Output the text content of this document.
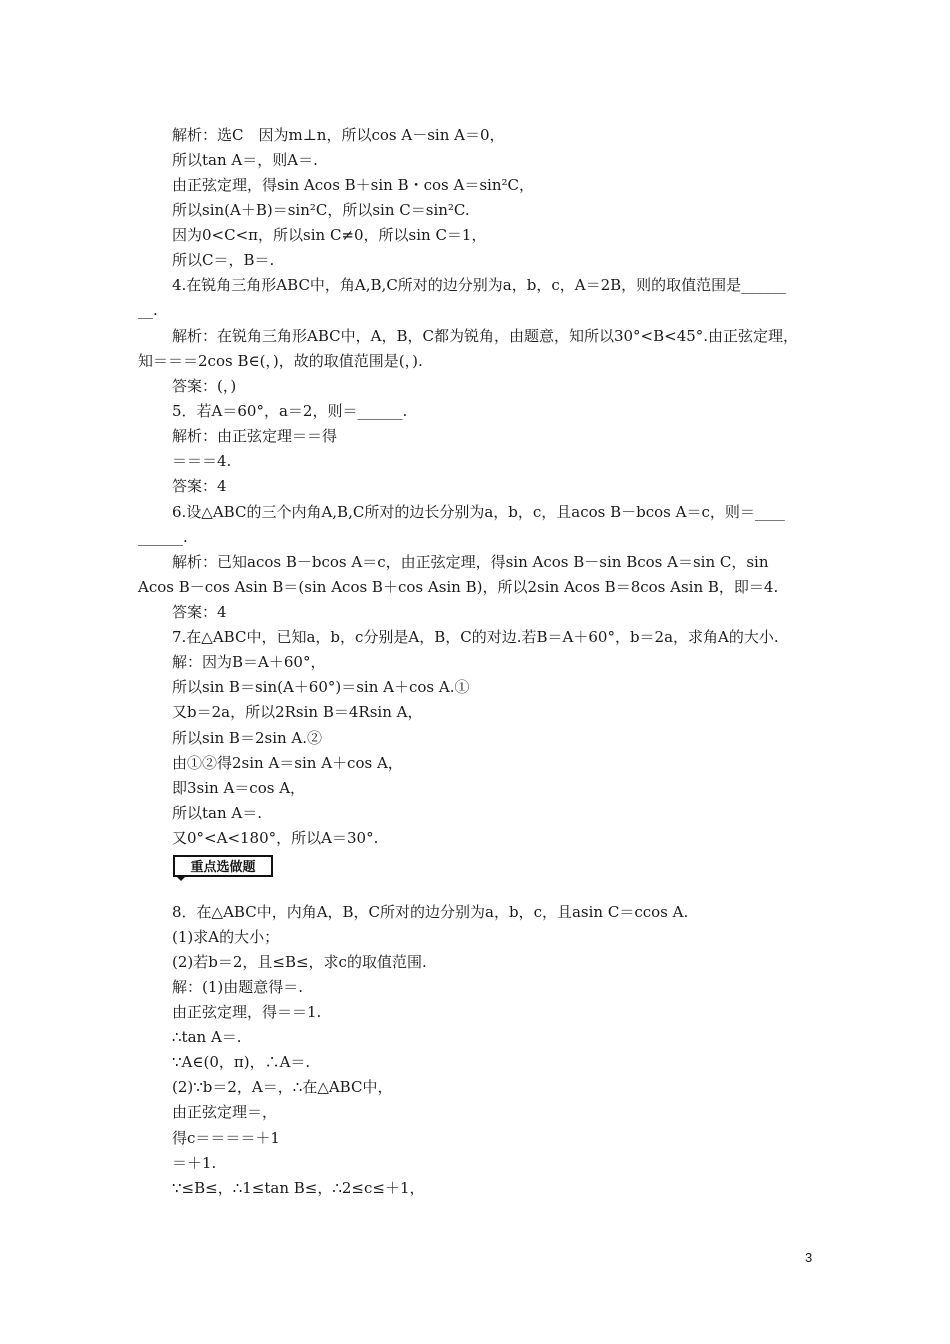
解析：选C　因为m⊥n，所以cos A－sin A＝0，
所以tan A＝，则A＝.
由正弦定理，得sin Acos B＋sin B・cos A＝sin²C，
所以sin(A＋B)＝sin²C，所以sin C＝sin²C.
因为0<C<π，所以sin C≠0，所以sin C＝1，
所以C＝，B＝.
4.在锐角三角形ABC中，角A,B,C所对的边分别为a，b，c，A＝2B，则的取值范围是______
__.
解析：在锐角三角形ABC中，A，B，C都为锐角，由题意，知所以30°<B<45°.由正弦定理，
知＝＝＝2cos B∈(，)，故的取值范围是(，).
答案：(，)
5．若A＝60°，a＝2，则＝______.
解析：由正弦定理＝＝得
＝＝＝4.
答案：4
6.设△ABC的三个内角A,B,C所对的边长分别为a，b，c，且acos B－bcos A＝c，则＝____
______.
解析：已知acos B－bcos A＝c，由正弦定理，得sin Acos B－sin Bcos A＝sin C，sin
Acos B－cos Asin B＝(sin Acos B＋cos Asin B)，所以2sin Acos B＝8cos Asin B，即＝4.
答案：4
7.在△ABC中，已知a，b，c分别是A，B，C的对边.若B＝A＋60°，b＝2a，求角A的大小.
解：因为B＝A＋60°，
所以sin B＝sin(A＋60°)＝sin A＋cos A.①
又b＝2a，所以2Rsin B＝4Rsin A，
所以sin B＝2sin A.②
由①②得2sin A＝sin A＋cos A，
即3sin A＝cos A，
所以tan A＝.
又0°<A<180°，所以A＝30°.
重点选做题
8．在△ABC中，内角A，B，C所对的边分别为a，b，c，且asin C＝ccos A.
(1)求A的大小；
(2)若b＝2，且≤B≤，求c的取值范围.
解：(1)由题意得＝.
由正弦定理，得＝＝1.
∴tan A＝.
∵A∈(0，π)，∴A＝.
(2)∵b＝2，A＝，∴在△ABC中，
由正弦定理＝，
得c＝＝＝＝＋1
＝＋1.
∵≤B≤，∴1≤tan B≤，∴2≤c≤＋1，
3
